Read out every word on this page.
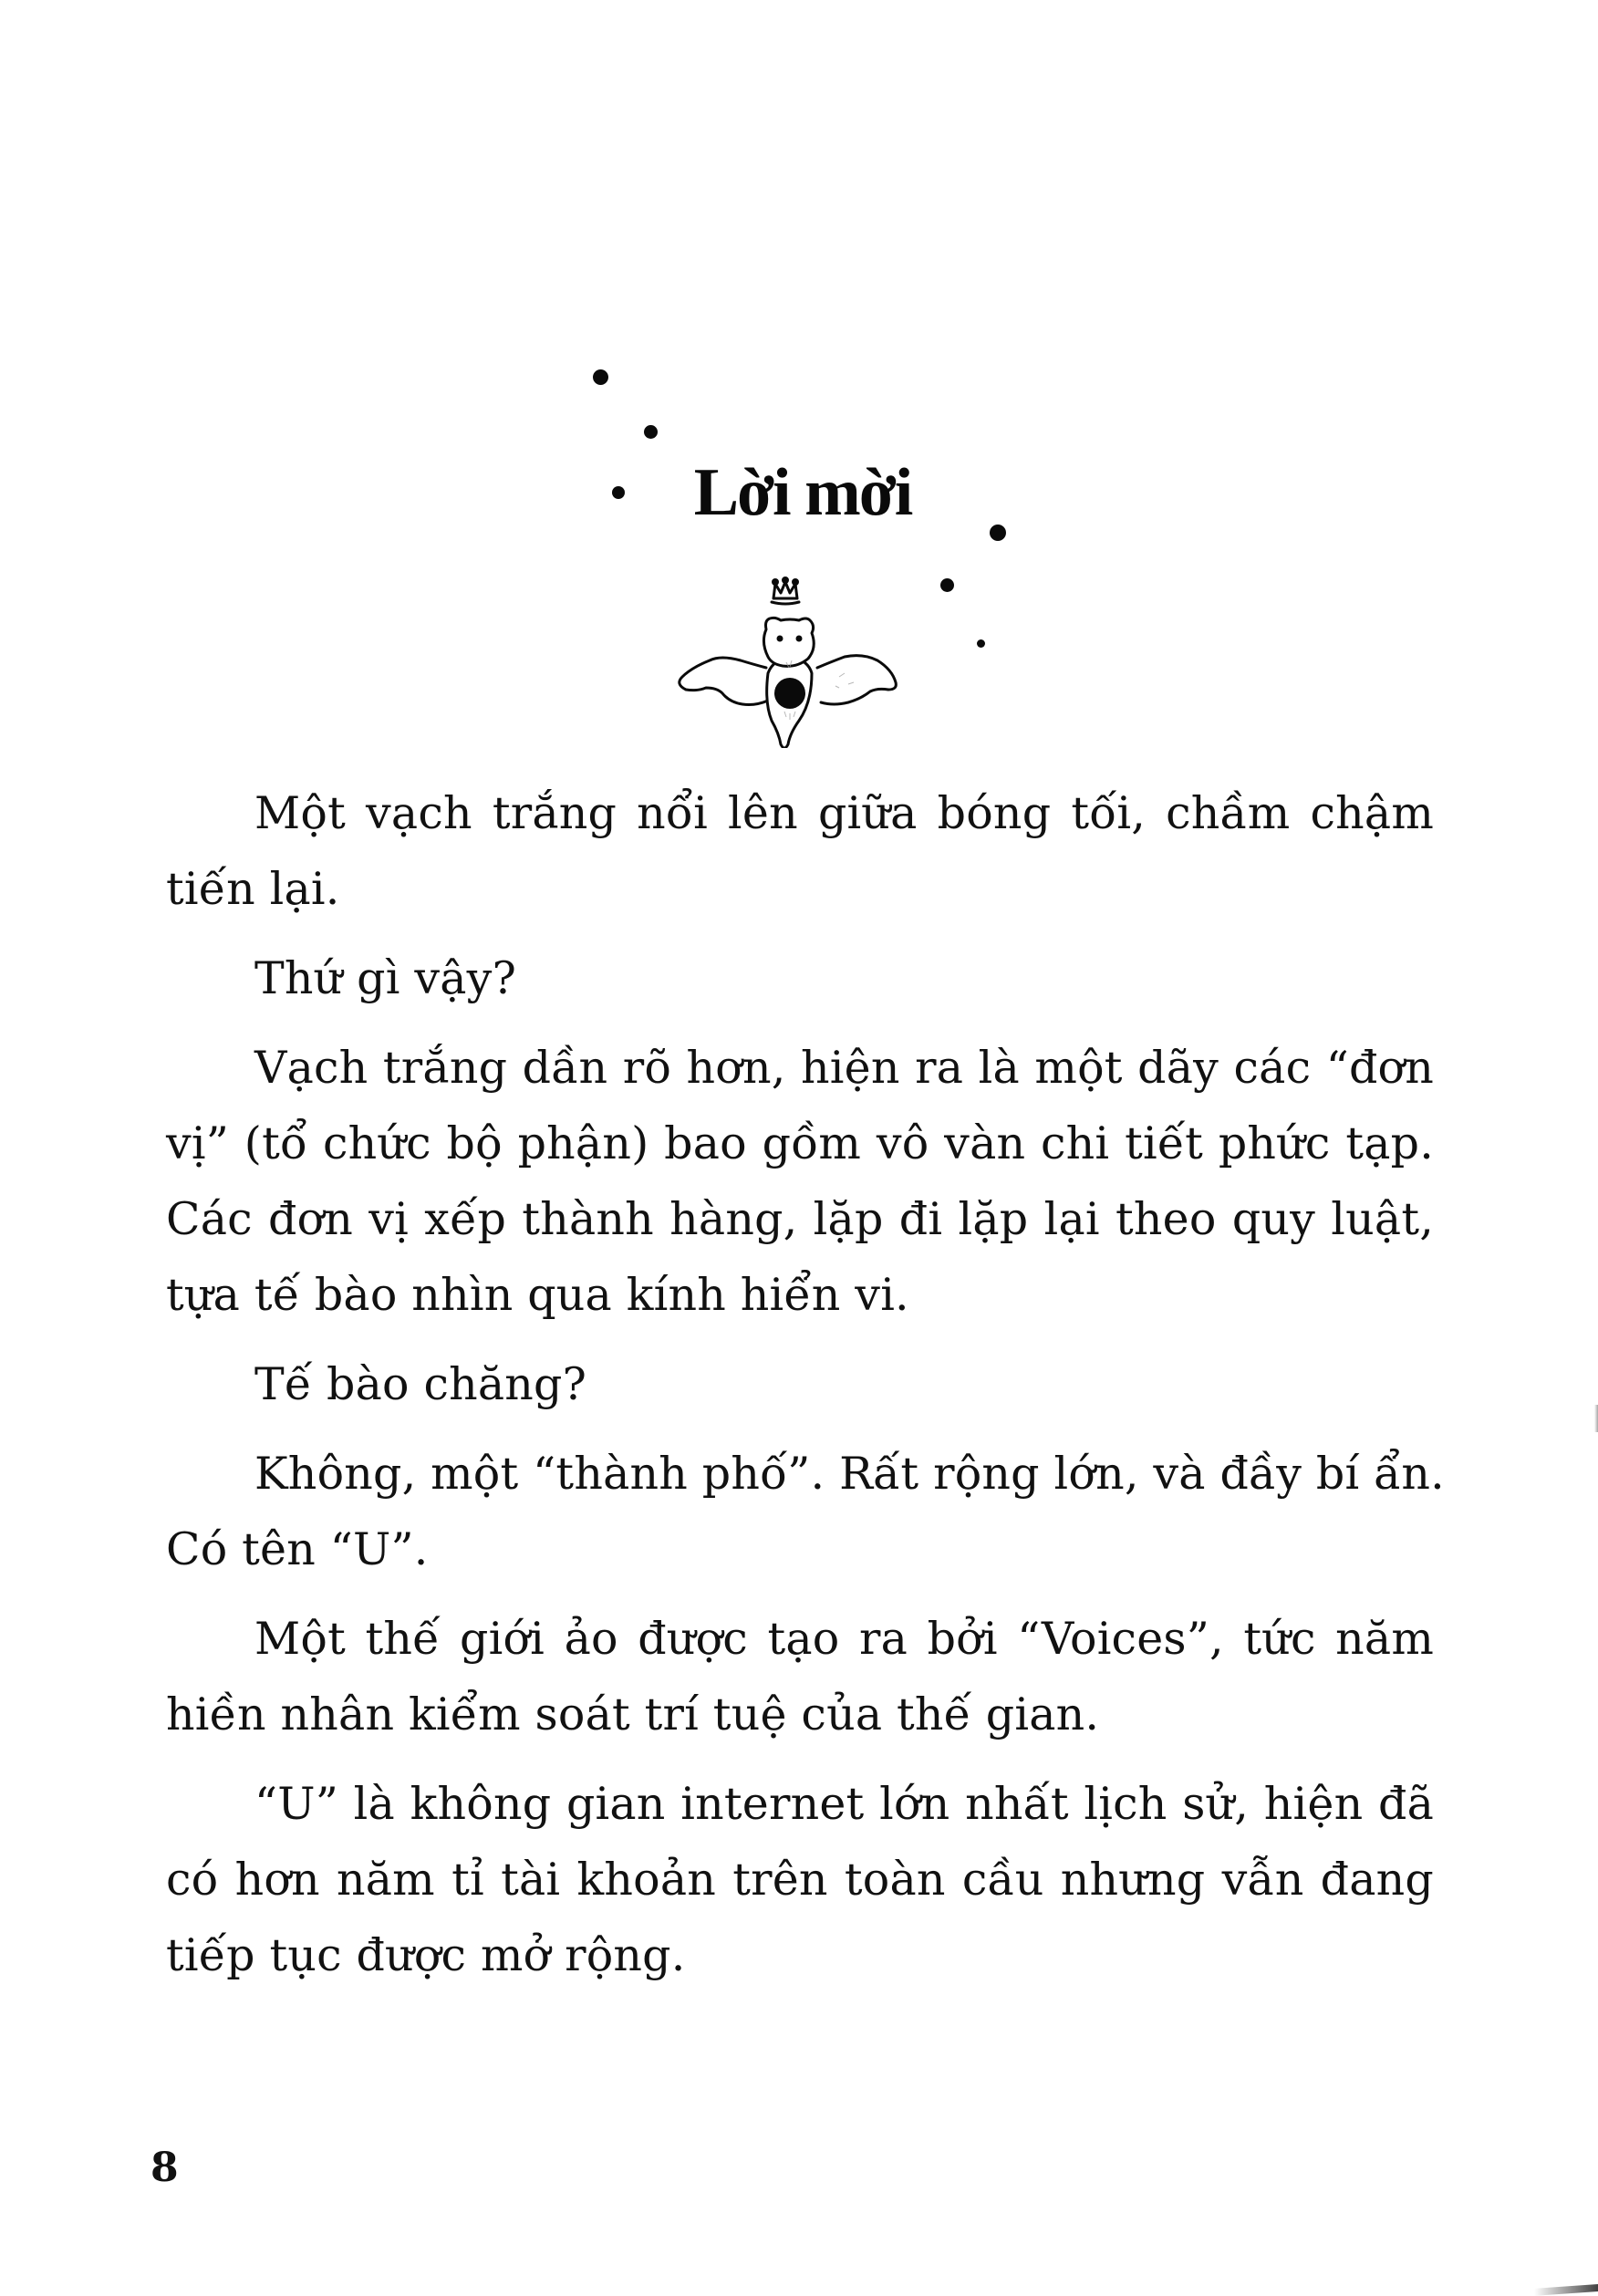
Lời mời
Một vạch trắng nổi lên giữa bóng tối, chầm chậm
tiến lại.
Thứ gì vậy?
Vạch trắng dần rõ hơn, hiện ra là một dãy các “đơn
vị” (tổ chức bộ phận) bao gồm vô vàn chi tiết phức tạp.
Các đơn vị xếp thành hàng, lặp đi lặp lại theo quy luật,
tựa tế bào nhìn qua kính hiển vi.
Tế bào chăng?
Không, một “thành phố”. Rất rộng lớn, và đầy bí ẩn.
Có tên “U”.
Một thế giới ảo được tạo ra bởi “Voices”, tức năm
hiền nhân kiểm soát trí tuệ của thế gian.
“U” là không gian internet lớn nhất lịch sử, hiện đã
có hơn năm tỉ tài khoản trên toàn cầu nhưng vẫn đang
tiếp tục được mở rộng.
8
